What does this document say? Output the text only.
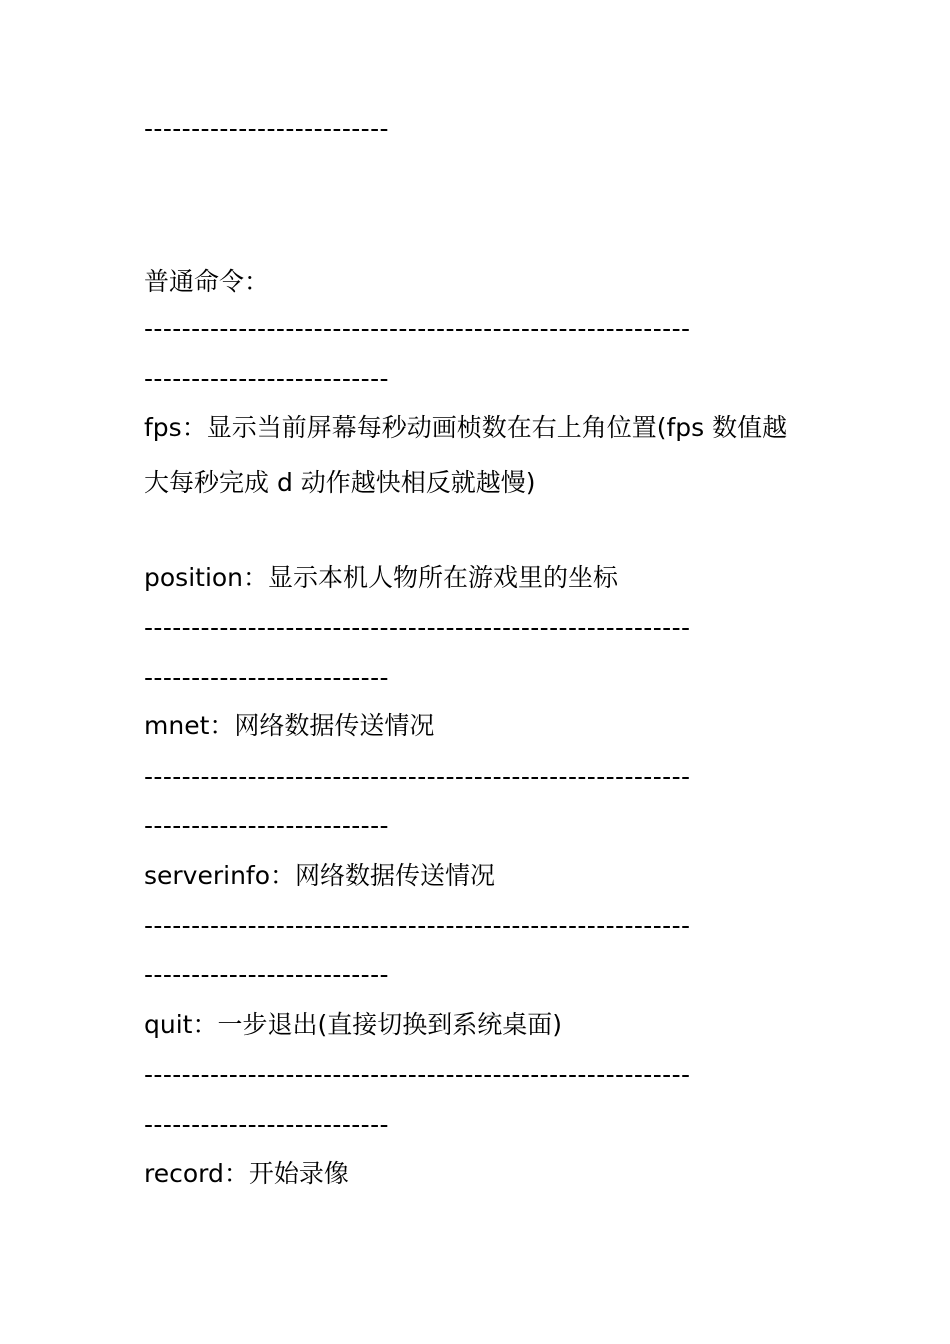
--------------------------
普通命令：
----------------------------------------------------------
--------------------------
fps：显示当前屏幕每秒动画桢数在右上角位置(fps 数值越
大每秒完成 d 动作越快相反就越慢)
position：显示本机人物所在游戏里的坐标
----------------------------------------------------------
--------------------------
mnet：网络数据传送情况
----------------------------------------------------------
--------------------------
serverinfo：网络数据传送情况
----------------------------------------------------------
--------------------------
quit：一步退出(直接切换到系统桌面)
----------------------------------------------------------
--------------------------
record：开始录像
